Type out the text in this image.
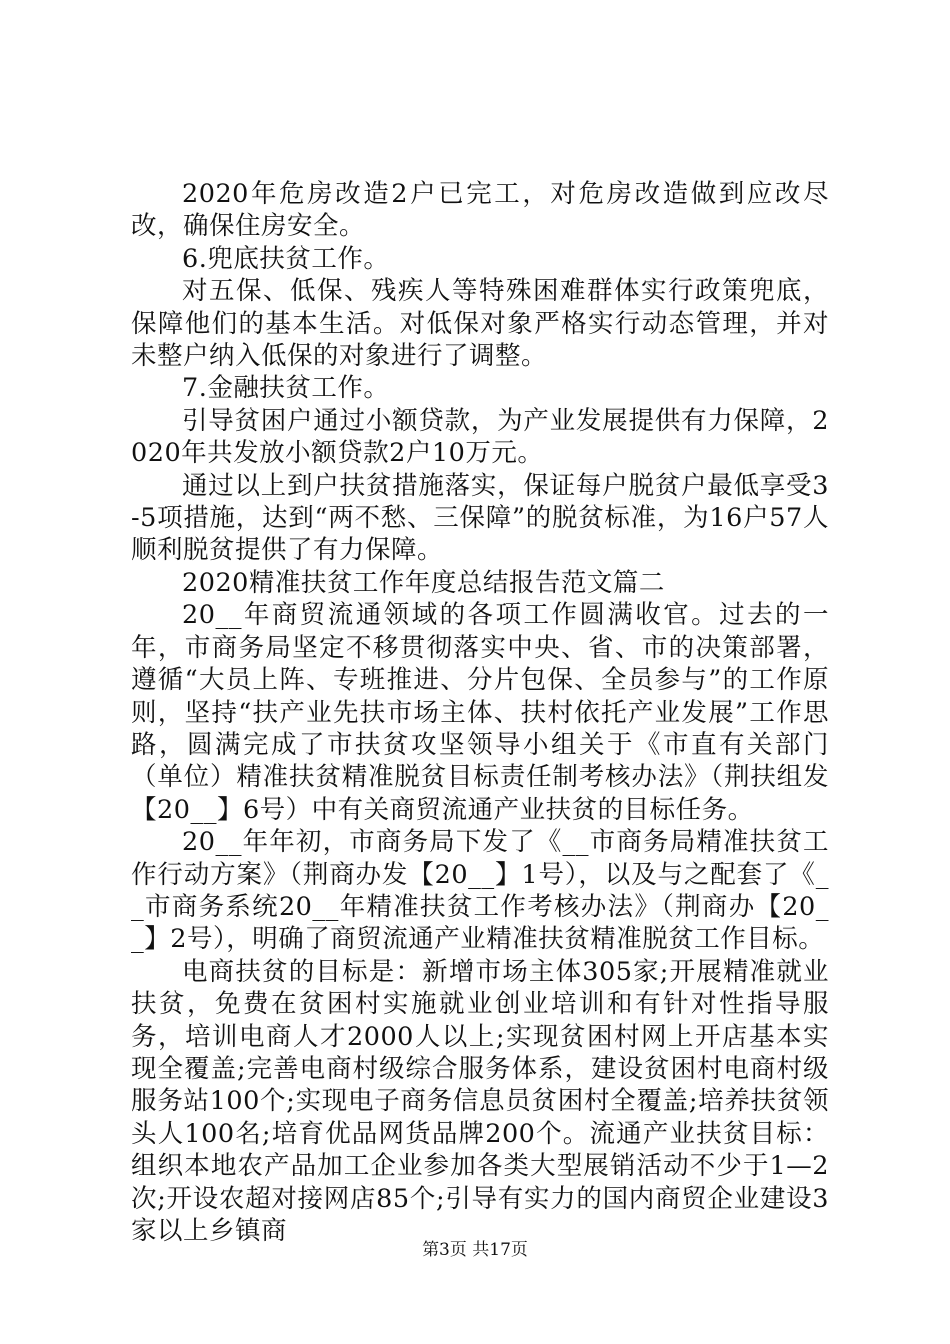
2020年危房改造2户已完工，对危房改造做到应改尽改，确保住房安全。

6.兜底扶贫工作。

对五保、低保、残疾人等特殊困难群体实行政策兜底，保障他们的基本生活。对低保对象严格实行动态管理，并对未整户纳入低保的对象进行了调整。

7.金融扶贫工作。

引导贫困户通过小额贷款，为产业发展提供有力保障，2020年共发放小额贷款2户10万元。

通过以上到户扶贫措施落实，保证每户脱贫户最低享受3-5项措施，达到“两不愁、三保障”的脱贫标准，为16户57人顺利脱贫提供了有力保障。

2020精准扶贫工作年度总结报告范文篇二

20__年商贸流通领域的各项工作圆满收官。过去的一年，市商务局坚定不移贯彻落实中央、省、市的决策部署，遵循“大员上阵、专班推进、分片包保、全员参与”的工作原则，坚持“扶产业先扶市场主体、扶村依托产业发展”工作思路，圆满完成了市扶贫攻坚领导小组关于《市直有关部门（单位）精准扶贫精准脱贫目标责任制考核办法》（荆扶组发【20__】6号）中有关商贸流通产业扶贫的目标任务。

20__年年初，市商务局下发了《__市商务局精准扶贫工作行动方案》（荆商办发【20__】1号），以及与之配套了《__市商务系统20__年精准扶贫工作考核办法》（荆商办【20__】2号），明确了商贸流通产业精准扶贫精准脱贫工作目标。

电商扶贫的目标是：新增市场主体305家;开展精准就业扶贫，免费在贫困村实施就业创业培训和有针对性指导服务，培训电商人才2000人以上;实现贫困村网上开店基本实现全覆盖;完善电商村级综合服务体系，建设贫困村电商村级服务站100个;实现电子商务信息员贫困村全覆盖;培养扶贫领头人100名;培育优品网货品牌200个。流通产业扶贫目标：组织本地农产品加工企业参加各类大型展销活动不少于1—2次;开设农超对接网店85个;引导有实力的国内商贸企业建设3家以上乡镇商

第3页 共17页
